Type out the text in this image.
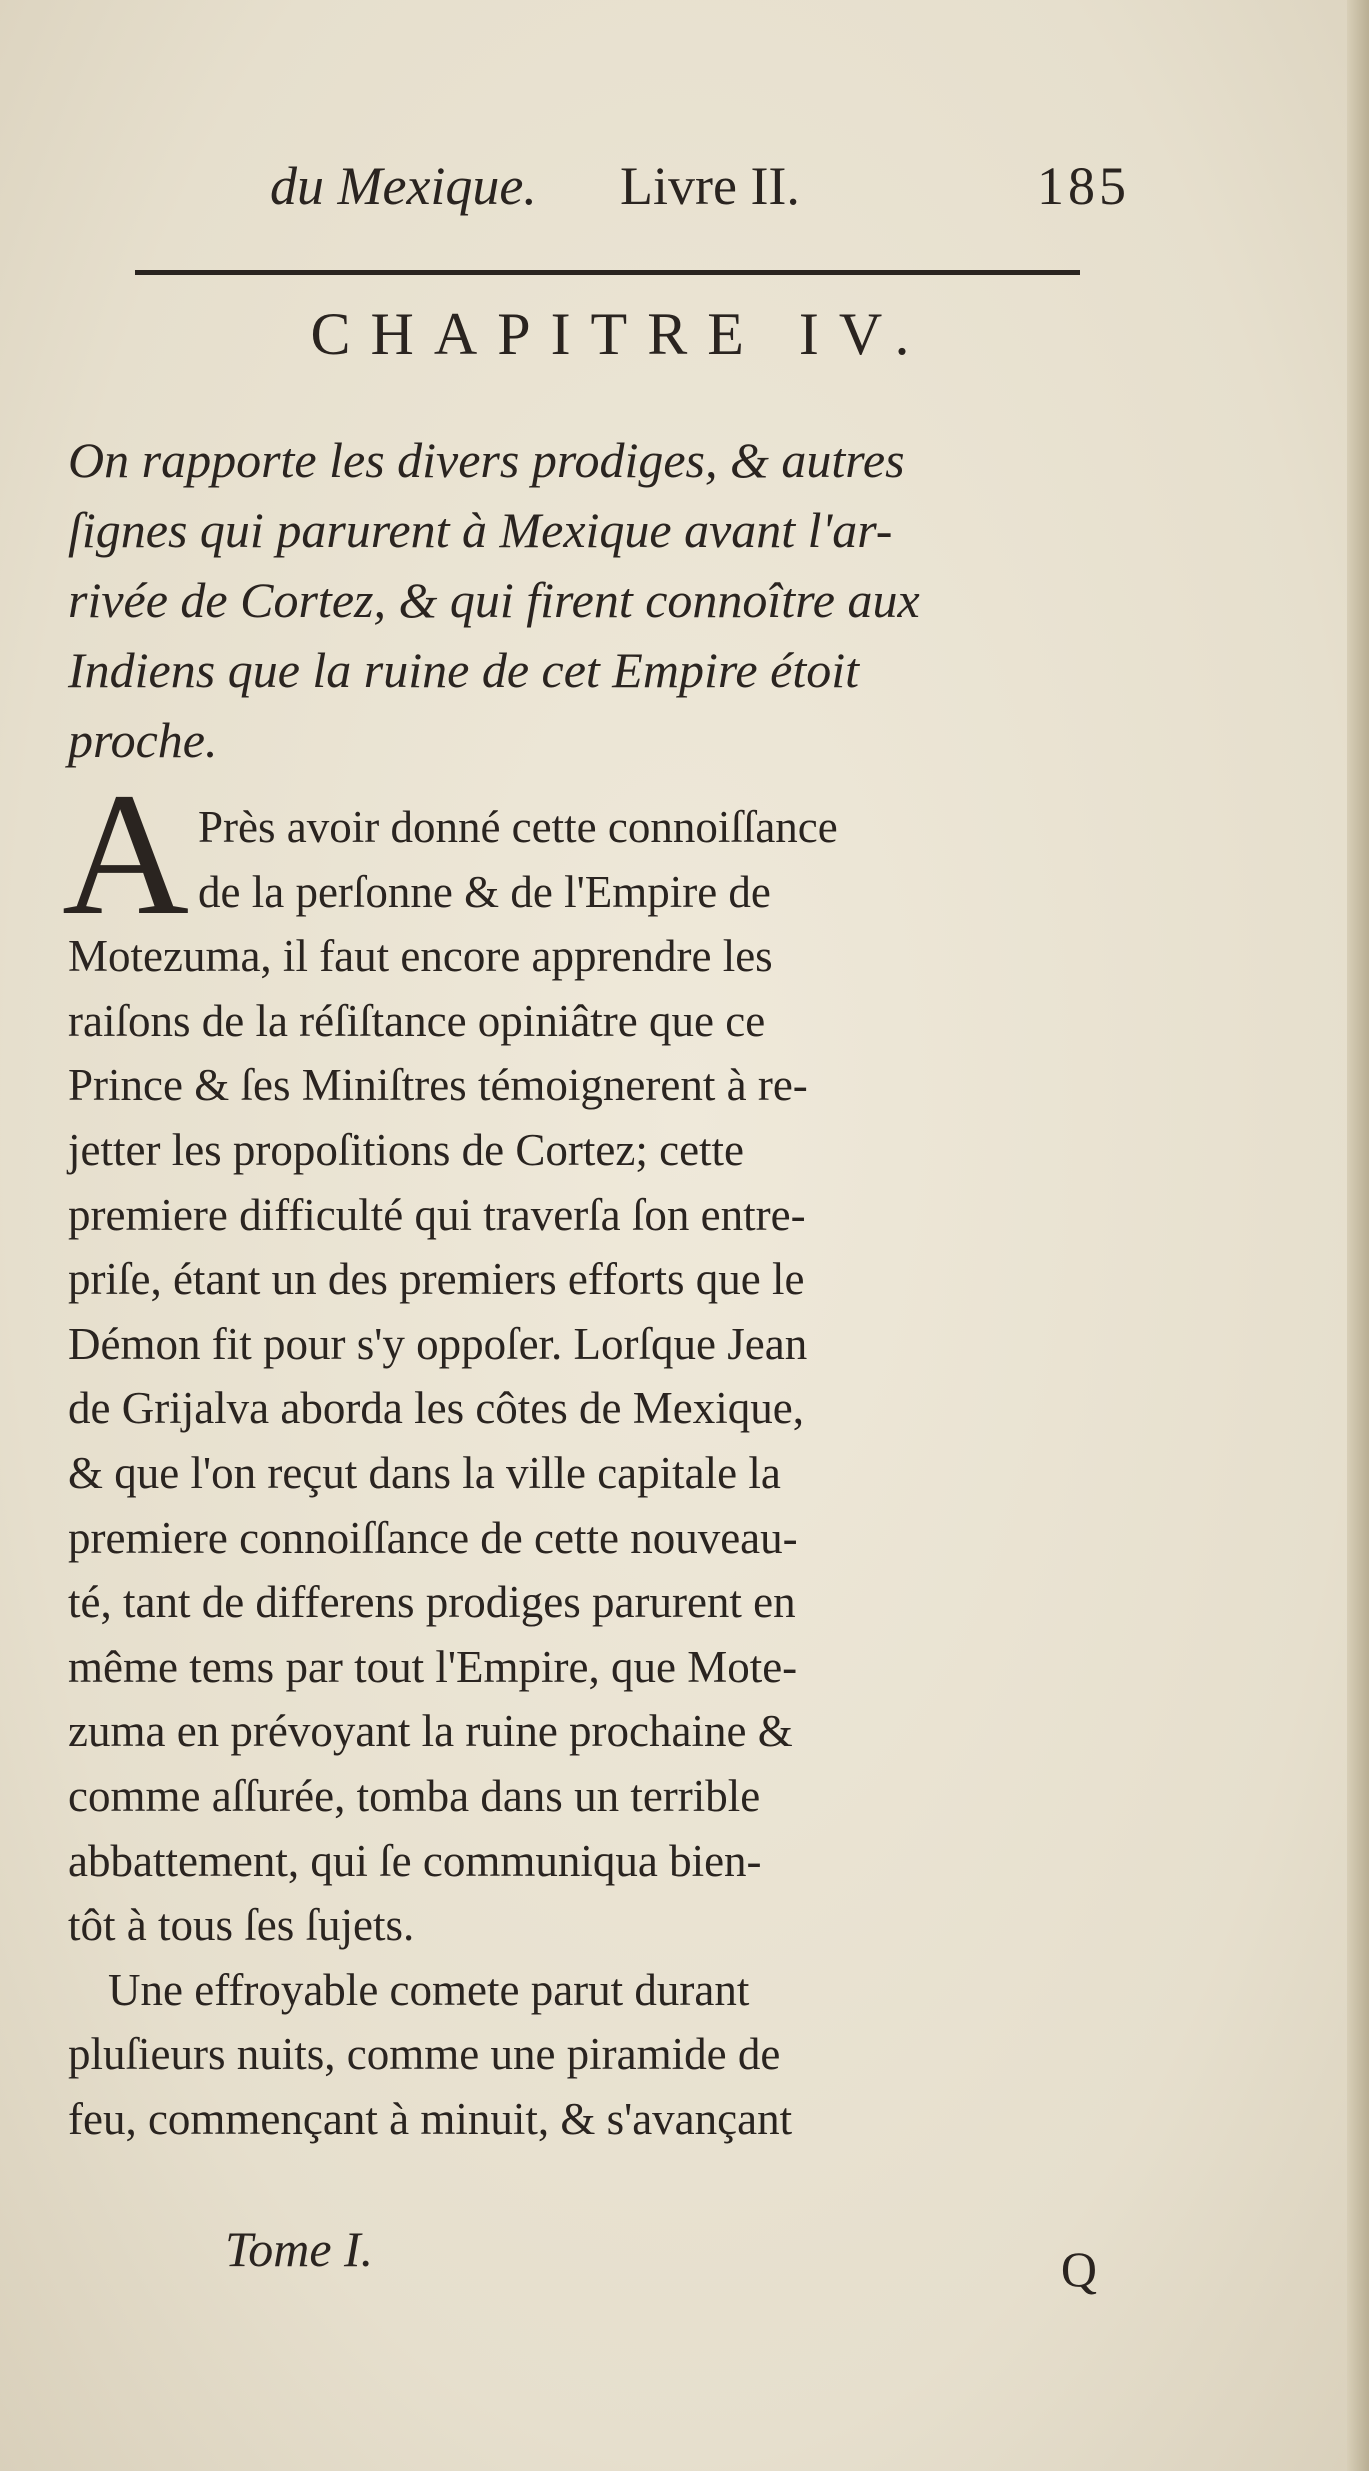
du Mexique. Livre II.	185
CHAPITRE IV.
On rapporte les divers prodiges, & autres
ſignes qui parurent à Mexique avant l'ar-
rivée de Cortez, & qui firent connoître aux
Indiens que la ruine de cet Empire étoit
proche.
A Près avoir donné cette connoiſſance
de la perſonne & de l'Empire de
Motezuma, il faut encore apprendre les
raiſons de la réſiſtance opiniâtre que ce
Prince & ſes Miniſtres témoignerent à re-
jetter les propoſitions de Cortez; cette
premiere difficulté qui traverſa ſon entre-
priſe, étant un des premiers efforts que le
Démon fit pour s'y oppoſer. Lorſque Jean
de Grijalva aborda les côtes de Mexique,
& que l'on reçut dans la ville capitale la
premiere connoiſſance de cette nouveau-
té, tant de differens prodiges parurent en
même tems par tout l'Empire, que Mote-
zuma en prévoyant la ruine prochaine &
comme aſſurée, tomba dans un terrible
abbattement, qui ſe communiqua bien-
tôt à tous ſes ſujets.
Une effroyable comete parut durant
pluſieurs nuits, comme une piramide de
feu, commençant à minuit, & s'avançant
Tome I.	Q
